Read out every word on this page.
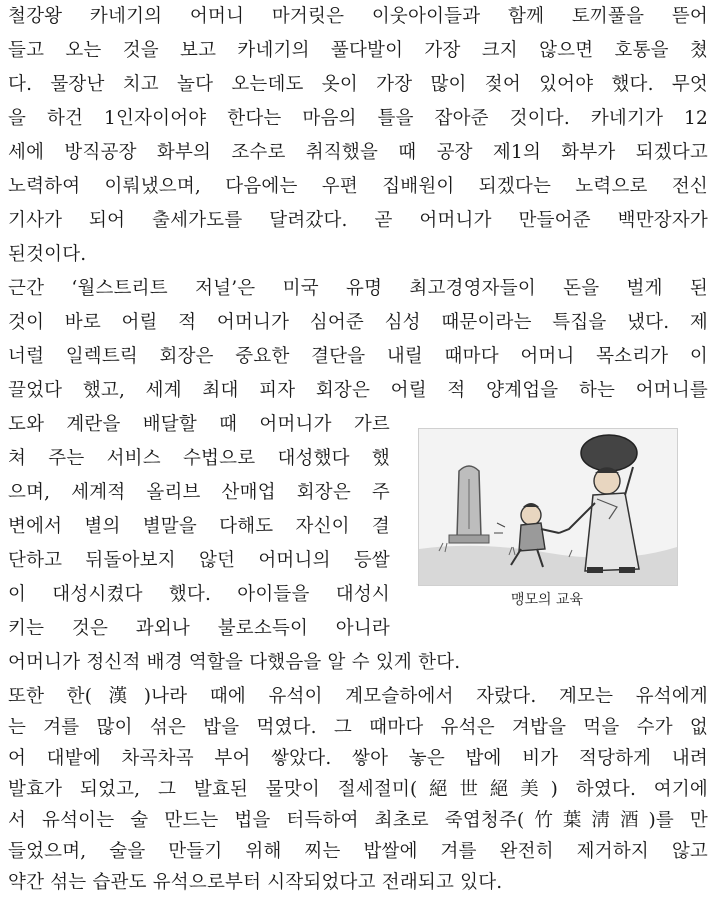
철강왕 카네기의 어머니 마거릿은 이웃아이들과 함께 토끼풀을 뜯어
들고 오는 것을 보고 카네기의 풀다발이 가장 크지 않으면 호통을 쳤
다. 물장난 치고 놀다 오는데도 옷이 가장 많이 젖어 있어야 했다. 무엇
을 하건 1인자이어야 한다는 마음의 틀을 잡아준 것이다. 카네기가 12
세에 방직공장 화부의 조수로 취직했을 때 공장 제1의 화부가 되겠다고
노력하여 이뤄냈으며, 다음에는 우편 집배원이 되겠다는 노력으로 전신
기사가 되어 출세가도를 달려갔다. 곧 어머니가 만들어준 백만장자가
된것이다.
근간 ‘월스트리트 저널’은 미국 유명 최고경영자들이 돈을 벌게 된
것이 바로 어릴 적 어머니가 심어준 심성 때문이라는 특집을 냈다. 제
너럴 일렉트릭 회장은 중요한 결단을 내릴 때마다 어머니 목소리가 이
끌었다 했고, 세계 최대 피자 회장은 어릴 적 양계업을 하는 어머니를
도와 계란을 배달할 때 어머니가 가르
쳐 주는 서비스 수법으로 대성했다 했
으며, 세계적 올리브 산매업 회장은 주
변에서 별의 별말을 다해도 자신이 결
단하고 뒤돌아보지 않던 어머니의 등쌀
이 대성시켰다 했다. 아이들을 대성시
키는 것은 과외나 불로소득이 아니라
어머니가 정신적 배경 역할을 다했음을 알 수 있게 한다.
또한 한(漢)나라 때에 유석이 계모슬하에서 자랐다. 계모는 유석에게
는 겨를 많이 섞은 밥을 먹였다. 그 때마다 유석은 겨밥을 먹을 수가 없
어 대밭에 차곡차곡 부어 쌓았다. 쌓아 놓은 밥에 비가 적당하게 내려
발효가 되었고, 그 발효된 물맛이 절세절미(絕世絕美) 하였다. 여기에
서 유석이는 술 만드는 법을 터득하여 최초로 죽엽청주(竹葉淸酒)를 만
들었으며, 술을 만들기 위해 찌는 밥쌀에 겨를 완전히 제거하지 않고
맹모의 교육
약간 섞는 습관도 유석으로부터 시작되었다고 전래되고 있다.
